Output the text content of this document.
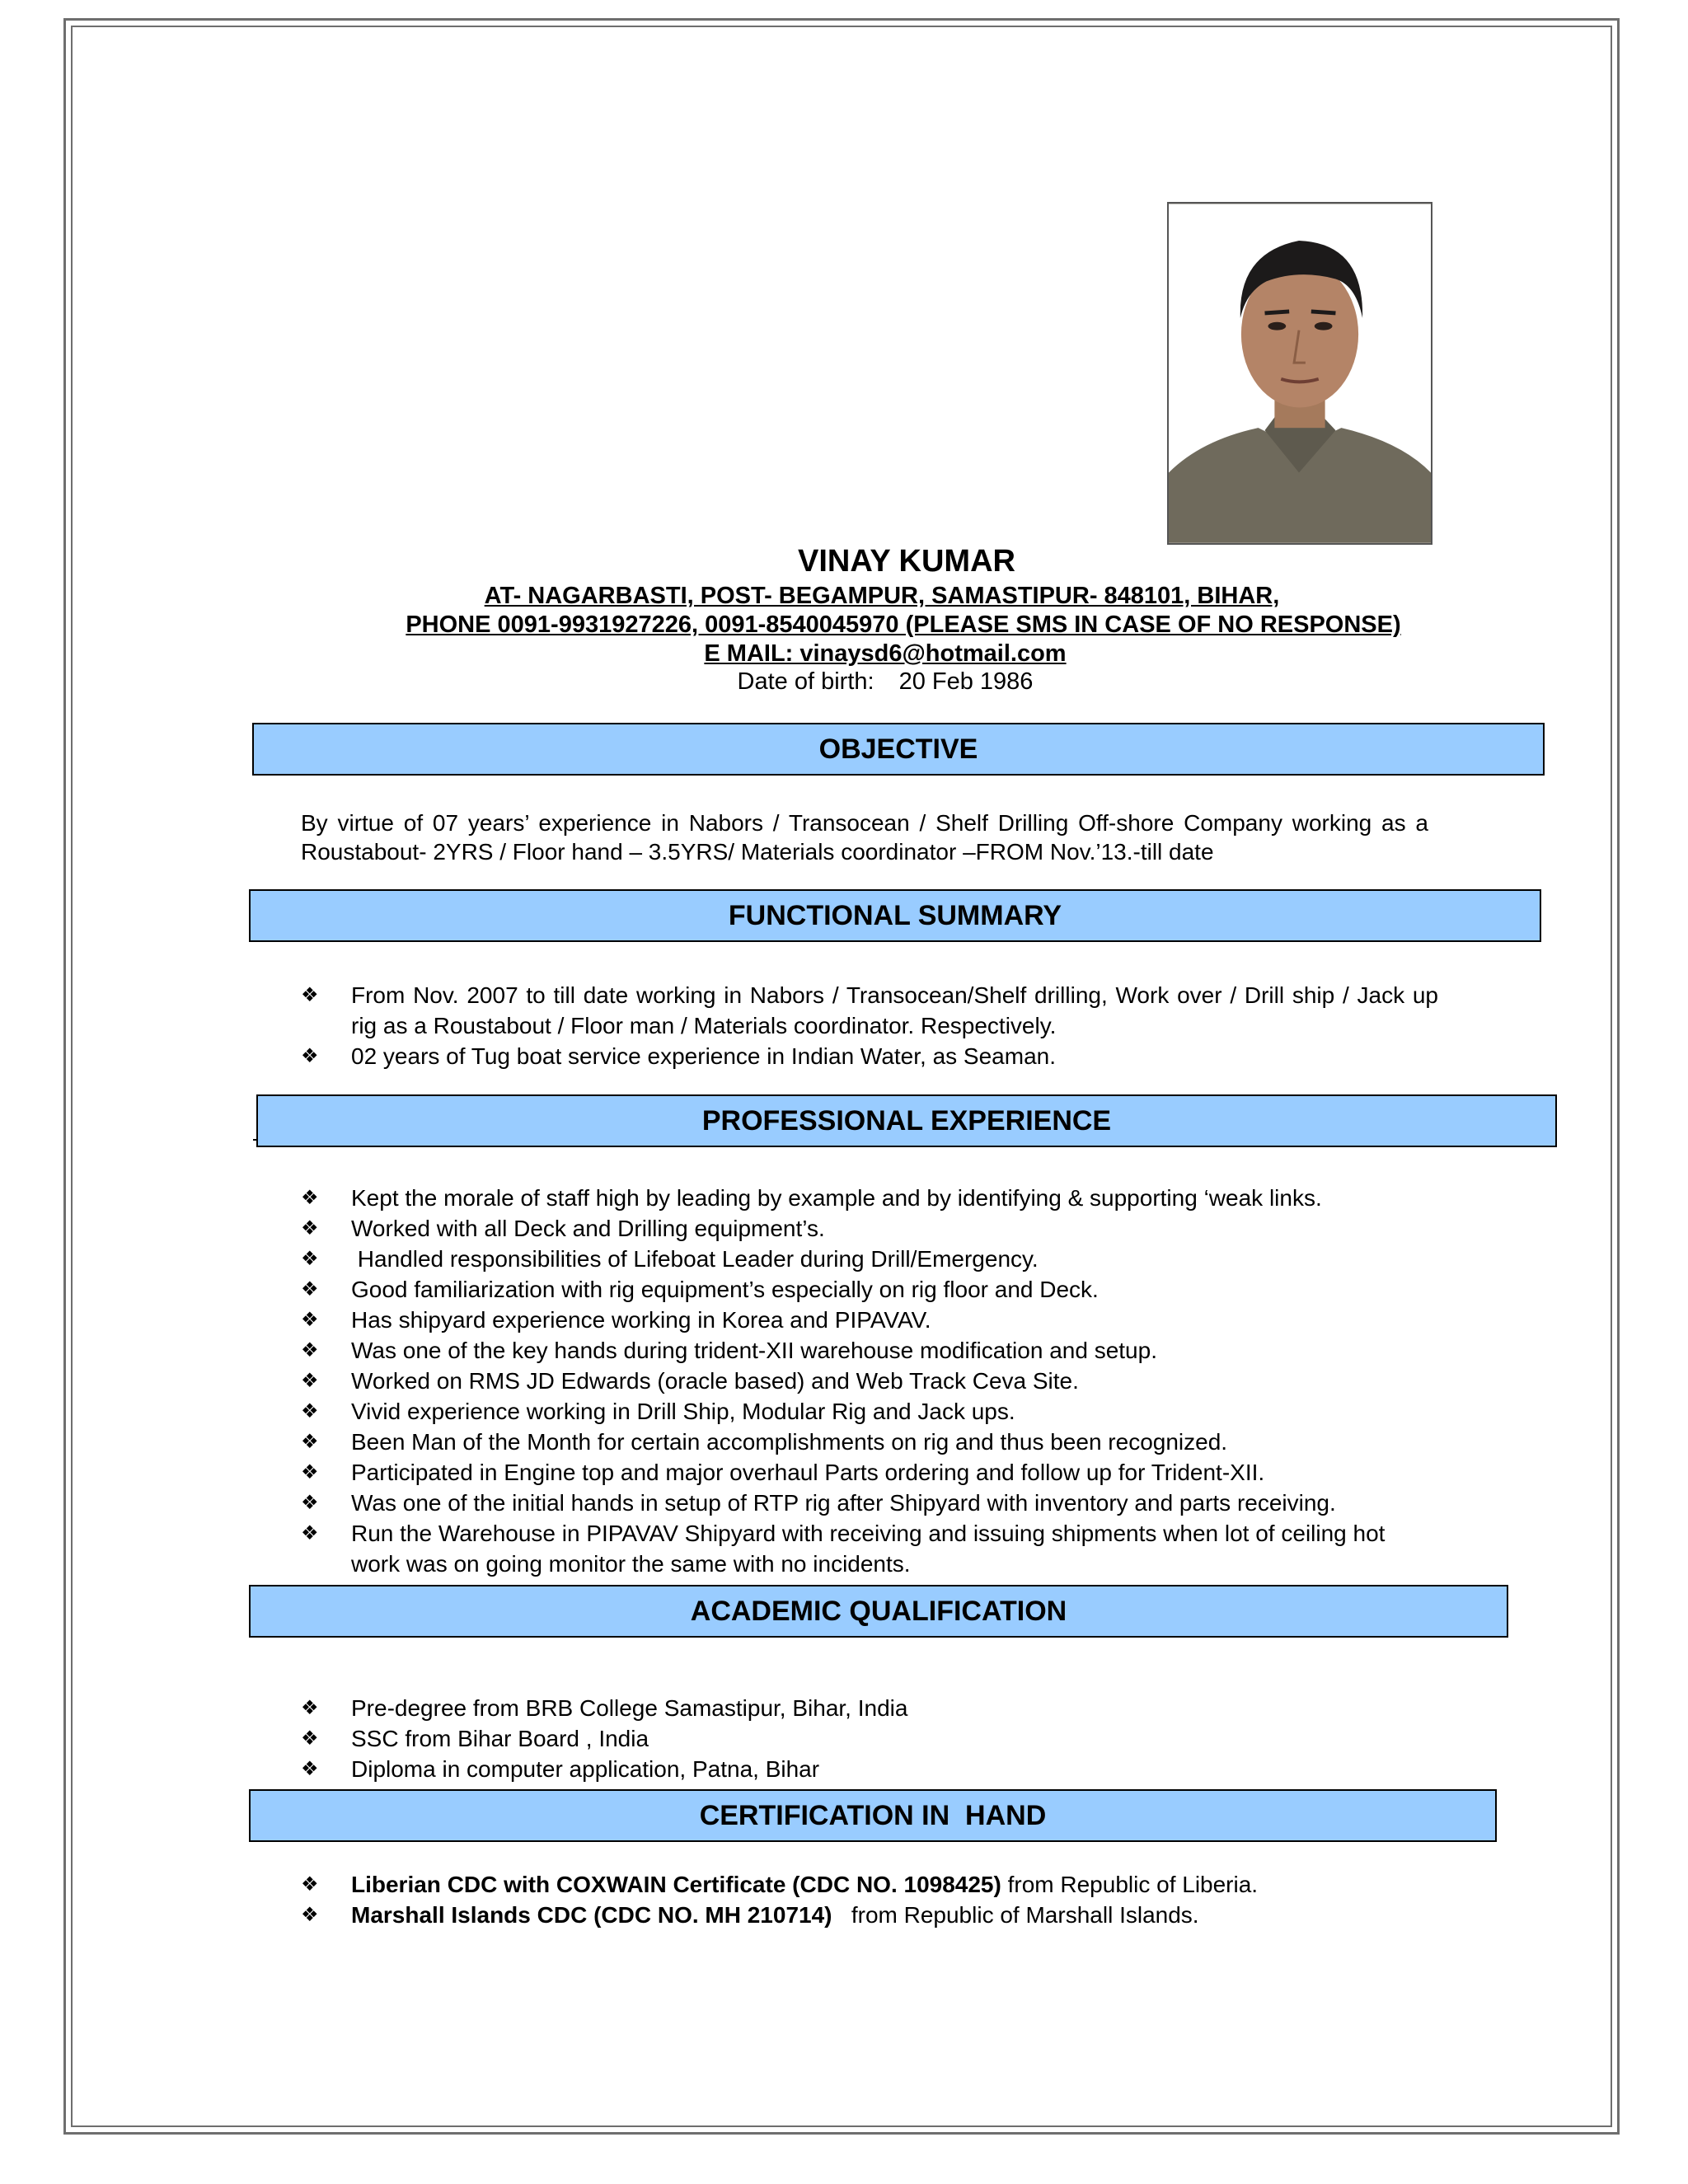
VINAY KUMAR
AT- NAGARBASTI, POST- BEGAMPUR, SAMASTIPUR- 848101, BIHAR,
PHONE 0091-9931927226, 0091-8540045970 (PLEASE SMS IN CASE OF NO RESPONSE)
E MAIL: vinaysd6@hotmail.com
Date of birth: 20 Feb 1986
OBJECTIVE
By virtue of 07 years’ experience in Nabors / Transocean / Shelf Drilling Off-shore Company working as a Roustabout- 2YRS / Floor hand – 3.5YRS/ Materials coordinator –FROM Nov.’13.-till date
FUNCTIONAL SUMMARY
❖ From Nov. 2007 to till date working in Nabors / Transocean/Shelf drilling, Work over / Drill ship / Jack up rig as a Roustabout / Floor man / Materials coordinator. Respectively.
❖ 02 years of Tug boat service experience in Indian Water, as Seaman.
PROFESSIONAL EXPERIENCE
❖ Kept the morale of staff high by leading by example and by identifying & supporting ‘weak links.
❖ Worked with all Deck and Drilling equipment’s.
❖ Handled responsibilities of Lifeboat Leader during Drill/Emergency.
❖ Good familiarization with rig equipment’s especially on rig floor and Deck.
❖ Has shipyard experience working in Korea and PIPAVAV.
❖ Was one of the key hands during trident-XII warehouse modification and setup.
❖ Worked on RMS JD Edwards (oracle based) and Web Track Ceva Site.
❖ Vivid experience working in Drill Ship, Modular Rig and Jack ups.
❖ Been Man of the Month for certain accomplishments on rig and thus been recognized.
❖ Participated in Engine top and major overhaul Parts ordering and follow up for Trident-XII.
❖ Was one of the initial hands in setup of RTP rig after Shipyard with inventory and parts receiving.
❖ Run the Warehouse in PIPAVAV Shipyard with receiving and issuing shipments when lot of ceiling hot work was on going monitor the same with no incidents.
ACADEMIC QUALIFICATION
❖ Pre-degree from BRB College Samastipur, Bihar, India
❖ SSC from Bihar Board , India
❖ Diploma in computer application, Patna, Bihar
CERTIFICATION IN  HAND
❖ Liberian CDC with COXWAIN Certificate (CDC NO. 1098425) from Republic of Liberia.
❖ Marshall Islands CDC (CDC NO. MH 210714)   from Republic of Marshall Islands.
